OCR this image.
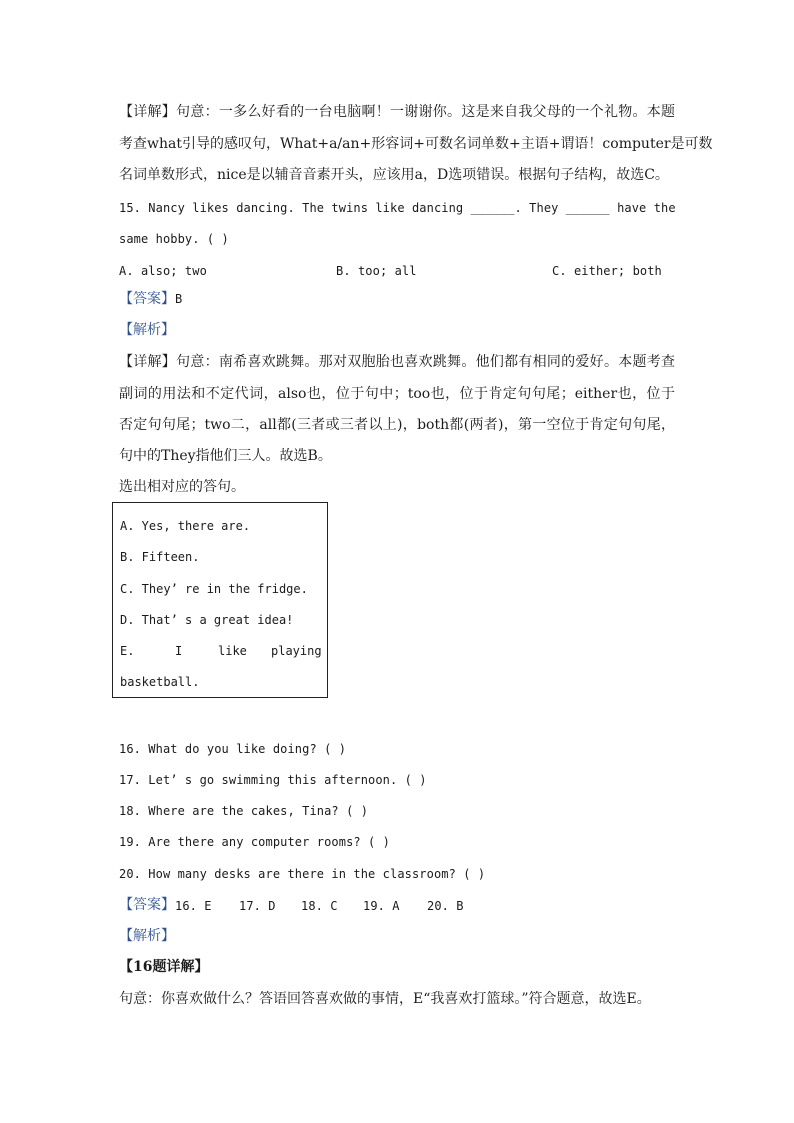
【详解】句意：一多么好看的一台电脑啊！一谢谢你。这是来自我父母的一个礼物。本题
考查what引导的感叹句，What+a/an+形容词+可数名词单数+主语+谓语！computer是可数
名词单数形式，nice是以辅音音素开头，应该用a，D选项错误。根据句子结构，故选C。
15. Nancy likes dancing. The twins like dancing ______. They ______ have the
same hobby. ( )
A. also; two	B. too; all	C. either; both
【答案】B
【解析】
【详解】句意：南希喜欢跳舞。那对双胞胎也喜欢跳舞。他们都有相同的爱好。本题考查
副词的用法和不定代词，also也，位于句中；too也，位于肯定句句尾；either也，位于
否定句句尾；two二，all都(三者或三者以上)，both都(两者)，第一空位于肯定句句尾，
句中的They指他们三人。故选B。
选出相对应的答句。
A. Yes, there are.
B. Fifteen.
C. They’ re in the fridge.
D. That’ s a great idea!
E.	I	like playing
basketball.
16. What do you like doing? ( )
17. Let’ s go swimming this afternoon. ( )
18. Where are the cakes, Tina? ( )
19. Are there any computer rooms? ( )
20. How many desks are there in the classroom? ( )
【答案】 16. E 17. D 18. C 19. A 20. B
【解析】
【16题详解】
句意：你喜欢做什么？答语回答喜欢做的事情，E“我喜欢打篮球。”符合题意，故选E。
